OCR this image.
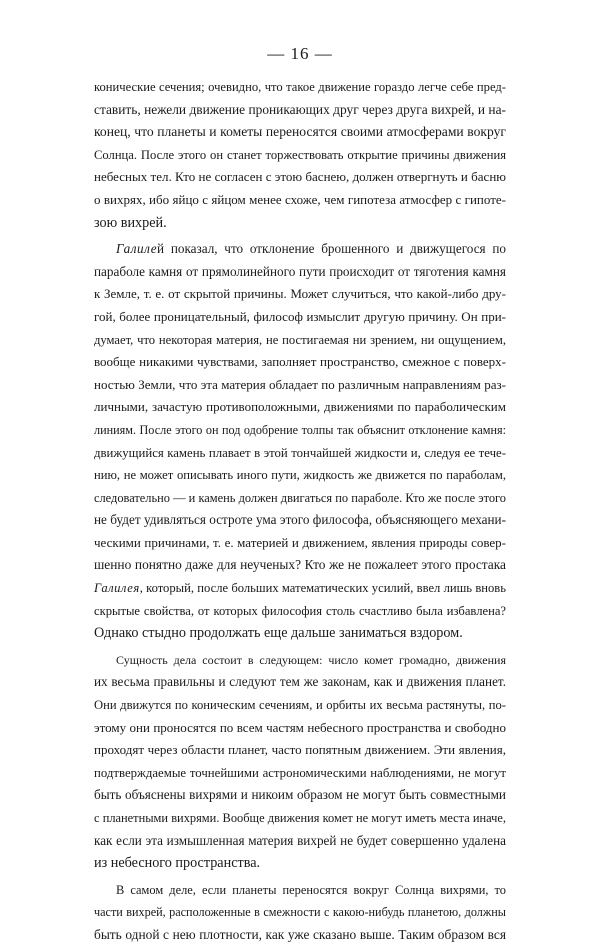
— 16 —
конические сечения; очевидно, что такое движение гораздо легче себе пред-
ставить, нежели движение проникающих друг через друга вихрей, и на-
конец, что планеты и кометы переносятся своими атмосферами вокруг
Солнца. После этого он станет торжествовать открытие причины движения
небесных тел. Кто не согласен с этою баснею, должен отвергнуть и басню
о вихрях, ибо яйцо с яйцом менее схоже, чем гипотеза атмосфер с гипоте-
зою вихрей.
Галилей показал, что отклонение брошенного и движущегося по
параболе камня от прямолинейного пути происходит от тяготения камня
к Земле, т. е. от скрытой причины. Может случиться, что какой-либо дру-
гой, более проницательный, философ измыслит другую причину. Он при-
думает, что некоторая материя, не постигаемая ни зрением, ни ощущением,
вообще никакими чувствами, заполняет пространство, смежное с поверх-
ностью Земли, что эта материя обладает по различным направлениям раз-
личными, зачастую противоположными, движениями по параболическим
линиям. После этого он под одобрение толпы так объяснит отклонение камня:
движущийся камень плавает в этой тончайшей жидкости и, следуя ее тече-
нию, не может описывать иного пути, жидкость же движется по параболам,
следовательно — и камень должен двигаться по параболе. Кто же после этого
не будет удивляться остроте ума этого философа, объясняющего механи-
ческими причинами, т. е. материей и движением, явления природы совер-
шенно понятно даже для неученых? Кто же не пожалеет этого простака
Галилея, который, после больших математических усилий, ввел лишь вновь
скрытые свойства, от которых философия столь счастливо была избавлена?
Однако стыдно продолжать еще дальше заниматься вздором.
Сущность дела состоит в следующем: число комет громадно, движения
их весьма правильны и следуют тем же законам, как и движения планет.
Они движутся по коническим сечениям, и орбиты их весьма растянуты, по-
этому они проносятся по всем частям небесного пространства и свободно
проходят через области планет, часто попятным движением. Эти явления,
подтверждаемые точнейшими астрономическими наблюдениями, не могут
быть объяснены вихрями и никоим образом не могут быть совместными
с планетными вихрями. Вообще движения комет не могут иметь места иначе,
как если эта измышленная материя вихрей не будет совершенно удалена
из небесного пространства.
В самом деле, если планеты переносятся вокруг Солнца вихрями, то
части вихрей, расположенные в смежности с какою-нибудь планетою, должны
быть одной с нею плотности, как уже сказано выше. Таким образом вся
